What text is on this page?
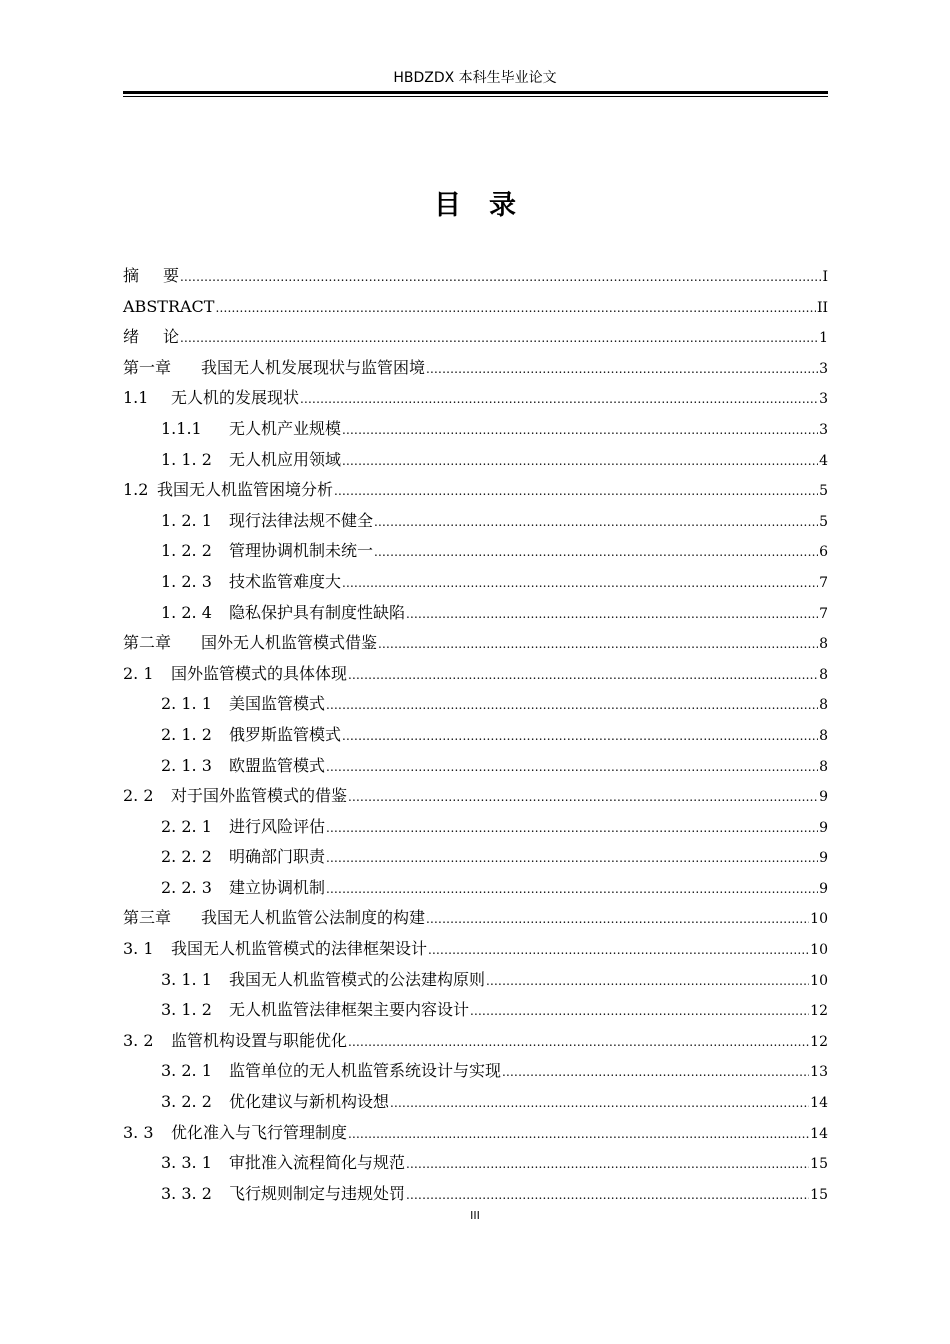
HBDZDX 本科生毕业论文
目录
摘要 .....	I
ABSTRACT .....	II
绪论 .....	1
第一章 我国无人机发展现状与监管困境 .....	3
1.1 无人机的发展现状 .....	3
1.1.1 无人机产业规模 .....	3
1. 1. 2 无人机应用领域 .....	4
1.2 我国无人机监管困境分析 .....	5
1. 2. 1 现行法律法规不健全 .....	5
1. 2. 2 管理协调机制未统一 .....	6
1. 2. 3 技术监管难度大 .....	7
1. 2. 4 隐私保护具有制度性缺陷 .....	7
第二章 国外无人机监管模式借鉴 .....	8
2. 1 国外监管模式的具体体现 .....	8
2. 1. 1 美国监管模式 .....	8
2. 1. 2 俄罗斯监管模式 .....	8
2. 1. 3 欧盟监管模式 .....	8
2. 2 对于国外监管模式的借鉴 .....	9
2. 2. 1 进行风险评估 .....	9
2. 2. 2 明确部门职责 .....	9
2. 2. 3 建立协调机制 .....	9
第三章 我国无人机监管公法制度的构建 .....	10
3. 1 我国无人机监管模式的法律框架设计 .....	10
3. 1. 1 我国无人机监管模式的公法建构原则 .....	10
3. 1. 2 无人机监管法律框架主要内容设计 .....	12
3. 2 监管机构设置与职能优化 .....	12
3. 2. 1 监管单位的无人机监管系统设计与实现 .....	13
3. 2. 2 优化建议与新机构设想 .....	14
3. 3 优化准入与飞行管理制度 .....	14
3. 3. 1 审批准入流程简化与规范 .....	15
3. 3. 2 飞行规则制定与违规处罚 .....	15
III
